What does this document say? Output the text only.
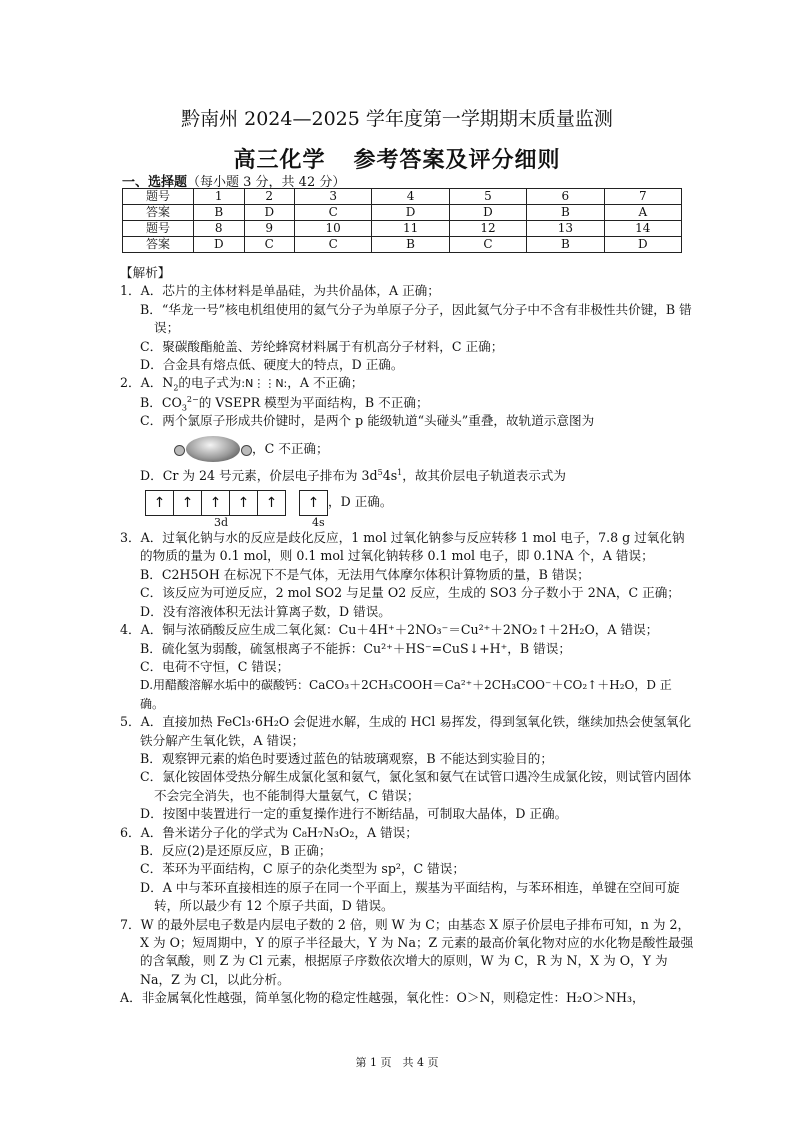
黔南州 2024—2025 学年度第一学期期末质量监测
高三化学 参考答案及评分细则
一、选择题（每小题 3 分，共 42 分）
题号	1	2	3	4	5	6	7
答案	B	D	C	D	D	B	A
题号	8	9	10	11	12	13	14
答案	D	C	C	B	C	B	D

【解析】

1．A．芯片的主体材料是单晶硅，为共价晶体，A 正确；

B．“华龙一号”核电机组使用的氦气分子为单原子分子，因此氦气分子中不含有非极性共价键，B 错误；

C．聚碳酸酯舱盖、芳纶蜂窝材料属于有机高分子材料，C 正确；

D．合金具有熔点低、硬度大的特点，D 正确。

2．A．$N_2$的电子式为:N⋮⋮N:，A 不正确；

B．$CO_3^{2-}$的 VSEPR 模型为平面结构，B 不正确；

C．两个氯原子形成共价键时，是两个 p 能级轨道“头碰头”重叠，故轨道示意图为

，C 不正确；

D．Cr 为 24 号元素，价层电子排布为 $3d^54s^1$，故其价层电子轨道表示式为

↑ ↑ ↑ ↑ ↑ ↑ ，D 正确。

3d	4s

3．A．过氧化钠与水的反应是歧化反应，1 mol 过氧化钠参与反应转移 1 mol 电子，7.8 g 过氧化钠的物质的量为 0.1 mol，则 0.1 mol 过氧化钠转移 0.1 mol 电子，即 0.1NA 个，A 错误；

B．C2H5OH 在标况下不是气体，无法用气体摩尔体积计算物质的量，B 错误；

C．该反应为可逆反应，2 mol SO2 与足量 O2 反应，生成的 SO3 分子数小于 2NA，C 正确；

D．没有溶液体积无法计算离子数，D 错误。

4．A．铜与浓硝酸反应生成二氧化氮：Cu＋4H⁺＋2NO₃⁻＝Cu²⁺＋2NO₂↑＋2H₂O，A 错误；

B．硫化氢为弱酸，硫氢根离子不能拆：Cu²⁺＋HS⁻=CuS↓+H⁺，B 错误；

C．电荷不守恒，C 错误；

D.用醋酸溶解水垢中的碳酸钙：CaCO₃＋2CH₃COOH＝Ca²⁺＋2CH₃COO⁻＋CO₂↑＋H₂O，D 正确。

5．A．直接加热 FeCl₃·6H₂O 会促进水解，生成的 HCl 易挥发，得到氢氧化铁，继续加热会使氢氧化铁分解产生氧化铁，A 错误；

B．观察钾元素的焰色时要透过蓝色的钴玻璃观察，B 不能达到实验目的；

C．氯化铵固体受热分解生成氯化氢和氨气，氯化氢和氨气在试管口遇冷生成氯化铵，则试管内固体不会完全消失，也不能制得大量氨气，C 错误；

D．按图中装置进行一定的重复操作进行不断结晶，可制取大晶体，D 正确。

6．A．鲁米诺分子化的学式为 C₈H₇N₃O₂，A 错误；

B．反应(2)是还原反应，B 正确；

C．苯环为平面结构，C 原子的杂化类型为 sp²，C 错误；

D．A 中与苯环直接相连的原子在同一个平面上，羰基为平面结构，与苯环相连，单键在空间可旋转，所以最少有 12 个原子共面，D 错误。

7．W 的最外层电子数是内层电子数的 2 倍，则 W 为 C；由基态 X 原子价层电子排布可知，n 为 2，X 为 O；短周期中，Y 的原子半径最大，Y 为 Na；Z 元素的最高价氧化物对应的水化物是酸性最强的含氧酸，则 Z 为 Cl 元素，根据原子序数依次增大的原则，W 为 C，R 为 N，X 为 O，Y 为 Na，Z 为 Cl，以此分析。

A．非金属氧化性越强，简单氢化物的稳定性越强，氧化性：O＞N，则稳定性：H₂O＞NH₃，

第 1 页　共 4 页
